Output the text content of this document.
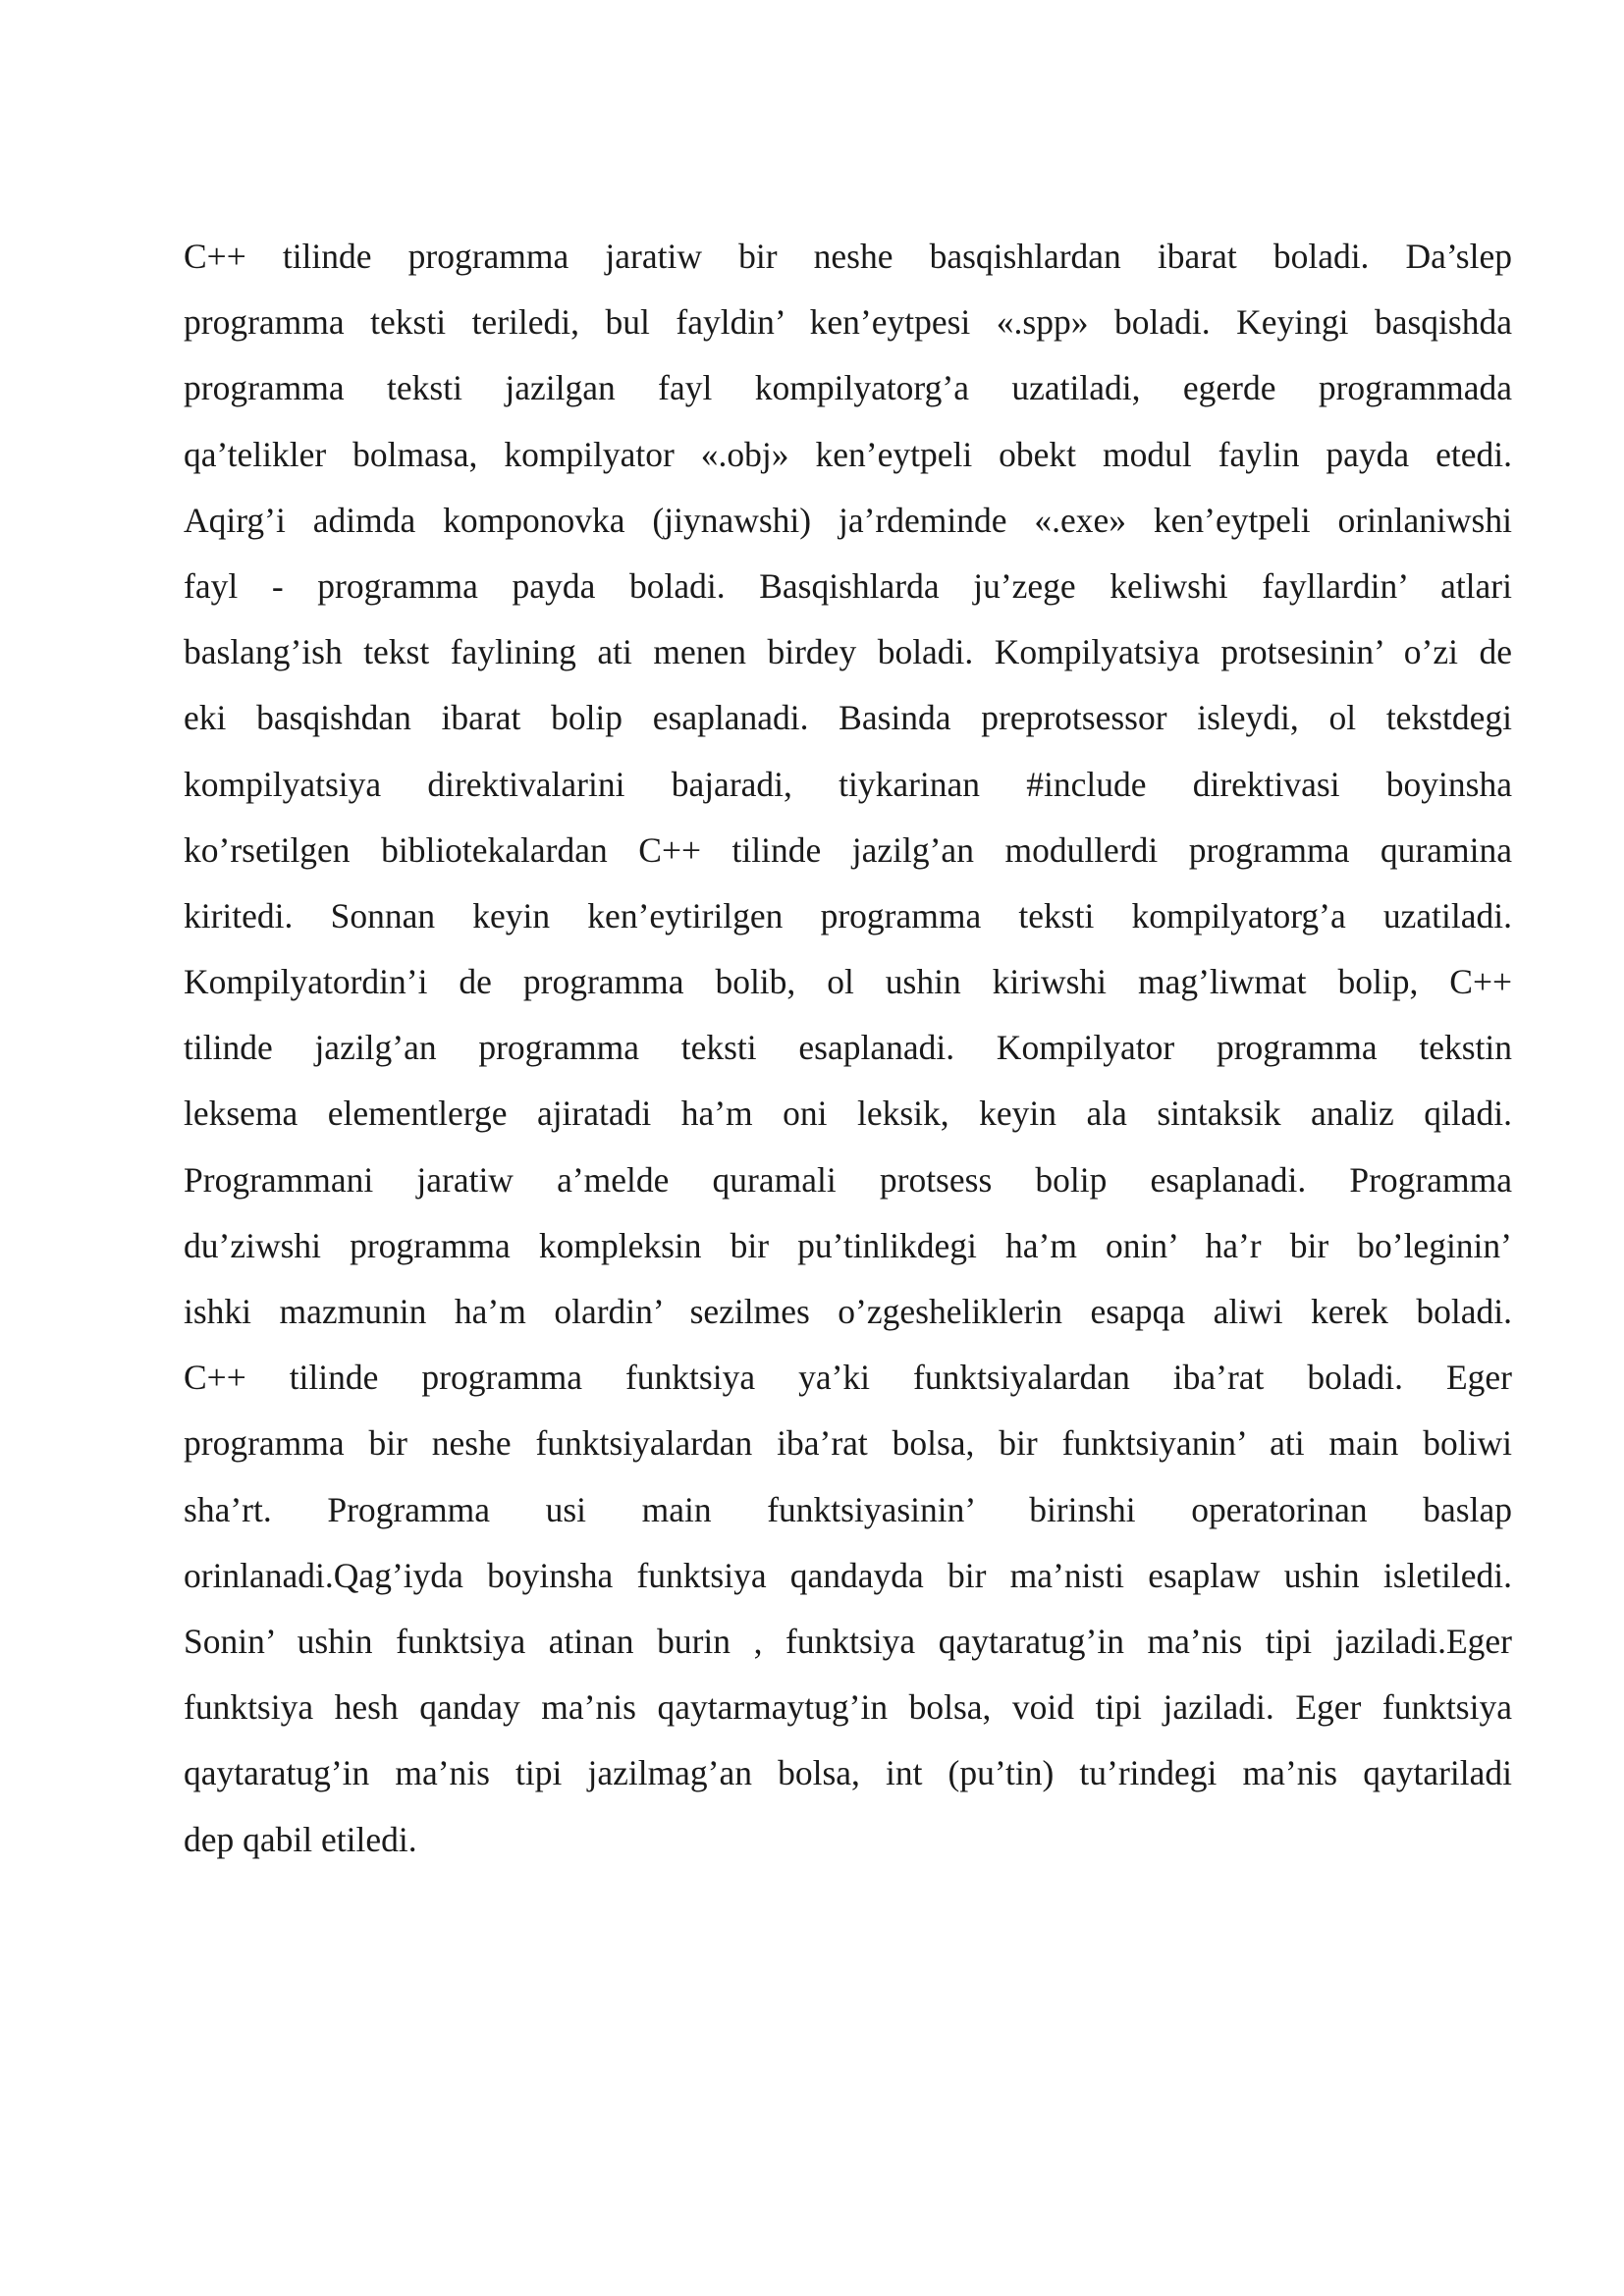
C++ tilinde programma jaratiw bir neshe basqishlardan ibarat boladi. Da’slep
programma teksti teriledi, bul fayldin’ ken’eytpesi «.spp» boladi. Keyingi basqishda
programma teksti jazilgan fayl kompilyatorg’a uzatiladi, egerde programmada
qa’telikler bolmasa, kompilyator «.obj» ken’eytpeli obekt modul faylin payda etedi.
Aqirg’i adimda komponovka (jiynawshi) ja’rdeminde «.exe» ken’eytpeli orinlaniwshi
fayl - programma payda boladi. Basqishlarda ju’zege keliwshi fayllardin’ atlari
baslang’ish tekst faylining ati menen birdey boladi. Kompilyatsiya protsesinin’ o’zi de
eki basqishdan ibarat bolip esaplanadi. Basinda preprotsessor isleydi, ol tekstdegi
kompilyatsiya direktivalarini bajaradi, tiykarinan #include direktivasi boyinsha
ko’rsetilgen bibliotekalardan C++ tilinde jazilg’an modullerdi programma quramina
kiritedi. Sonnan keyin ken’eytirilgen programma teksti kompilyatorg’a uzatiladi.
Kompilyatordin’i de programma bolib, ol ushin kiriwshi mag’liwmat bolip, C++
tilinde jazilg’an programma teksti esaplanadi. Kompilyator programma tekstin
leksema elementlerge ajiratadi ha’m oni leksik, keyin ala sintaksik analiz qiladi.
Programmani jaratiw a’melde quramali protsess bolip esaplanadi. Programma
du’ziwshi programma kompleksin bir pu’tinlikdegi ha’m onin’ ha’r bir bo’leginin’
ishki mazmunin ha’m olardin’ sezilmes o’zgesheliklerin esapqa aliwi kerek boladi.
C++ tilinde programma funktsiya ya’ki funktsiyalardan iba’rat boladi. Eger
programma bir neshe funktsiyalardan iba’rat bolsa, bir funktsiyanin’ ati main boliwi
sha’rt. Programma usi main funktsiyasinin’ birinshi operatorinan baslap
orinlanadi.Qag’iyda boyinsha funktsiya qandayda bir ma’nisti esaplaw ushin isletiledi.
Sonin’ ushin funktsiya atinan burin , funktsiya qaytaratug’in ma’nis tipi jaziladi.Eger
funktsiya hesh qanday ma’nis qaytarmaytug’in bolsa, void tipi jaziladi. Eger funktsiya
qaytaratug’in ma’nis tipi jazilmag’an bolsa, int (pu’tin) tu’rindegi ma’nis qaytariladi
dep qabil etiledi.
